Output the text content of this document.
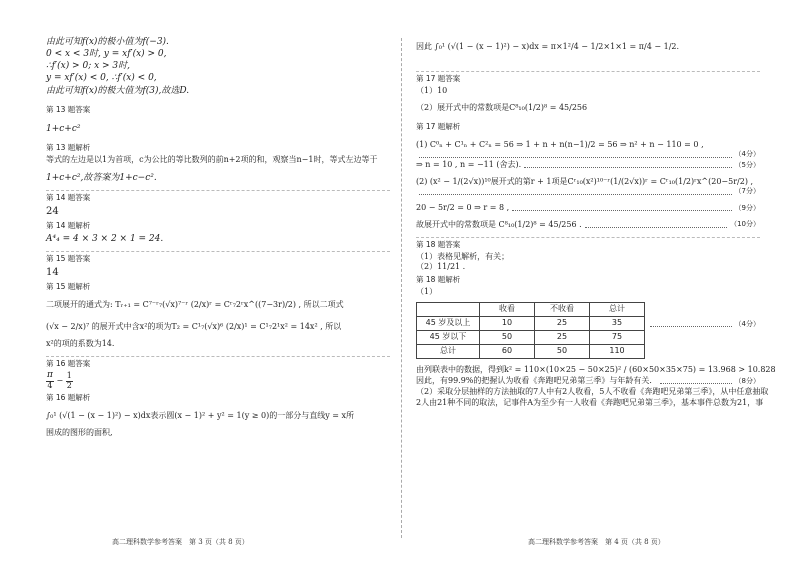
由此可知f(x)的极小值为f(−3).
0 < x < 3时, y = xf′(x) > 0,
∴f′(x) > 0; x > 3时,
y = xf′(x) < 0, ∴f′(x) < 0,
由此可知f(x)的极大值为f(3),故选D.
第 13 题答案
1+c+c²
第 13 题解析
等式的左边是以1为首项，c为公比的等比数列的前n+2项的和，观察当n−1时，等式左边等于
1+c+c²,故答案为1+c−c².
第 14 题答案
24
第 14 题解析
A⁴₄ = 4 × 3 × 2 × 1 = 24.
第 15 题答案
14
第 15 题解析
二项展开的通式为: Tᵣ₊₁ = C⁷⁻ʳ₇(√x)⁷⁻ʳ (2/x)ʳ = Cʳ₇2ʳx^((7−3r)/2) , 所以二项式
(√x − 2/x)⁷ 的展开式中含x²的项为T₂ = C¹₇(√x)⁶ (2/x)¹ = C¹₇2¹x² = 14x² , 所以
x²的项的系数为14.
第 16 题答案
$\frac{\pi}{4} - \frac{1}{2}$
第 16 题解析
∫₀¹ (√(1 − (x − 1)²) − x)dx表示圆(x − 1)² + y² = 1(y ≥ 0)的一部分与直线y = x所
围成的图形的面积,
因此 ∫₀¹ (√(1 − (x − 1)²) − x)dx = π×1²/4 − 1/2×1×1 = π/4 − 1/2.
第 17 题答案
（1）10
（2）展开式中的常数项是C⁸₁₀(1/2)⁸ = 45/256
第 17 题解析
(1) C⁰ₙ + C¹ₙ + C²ₙ = 56 ⇒ 1 + n + n(n−1)/2 = 56 ⇒ n² + n − 110 = 0 ,
（4分）
⇒ n = 10 , n = −11 (舍去).	（5分）
(2) (x² − 1/(2√x))¹⁰展开式的第r + 1项是Cʳ₁₀(x²)¹⁰⁻ʳ(1/(2√x))ʳ = Cʳ₁₀(1/2)ʳx^(20−5r/2) ,
（7分）
20 − 5r/2 = 0 ⇒ r = 8 ,	（9分）
故展开式中的常数项是 C⁸₁₀(1/2)⁸ = 45/256 .	（10分）
第 18 题答案
（1）表格见解析，有关；
（2）11/21 .
第 18 题解析
（1）
	收看	不收看	总计
45 岁及以上	10	25	35
45 岁以下	50	25	75
总计	60	50	110
（4分）
由列联表中的数据，得到k² = 110×(10×25 − 50×25)² / (60×50×35×75) = 13.968 > 10.828
因此，有99.9%的把握认为收看《奔跑吧兄弟第三季》与年龄有关．	（8分）
（2）采取分层抽样的方法抽取的7人中有2人收看，5人不收看《奔跑吧兄弟第三季》，从中任意抽取
2人由21种不同的取法，记事件A为至少有一人收看《奔跑吧兄弟第三季》，基本事件总数为21，事
高二理科数学参考答案　第 3 页（共 8 页）	高二理科数学参考答案　第 4 页（共 8 页）
